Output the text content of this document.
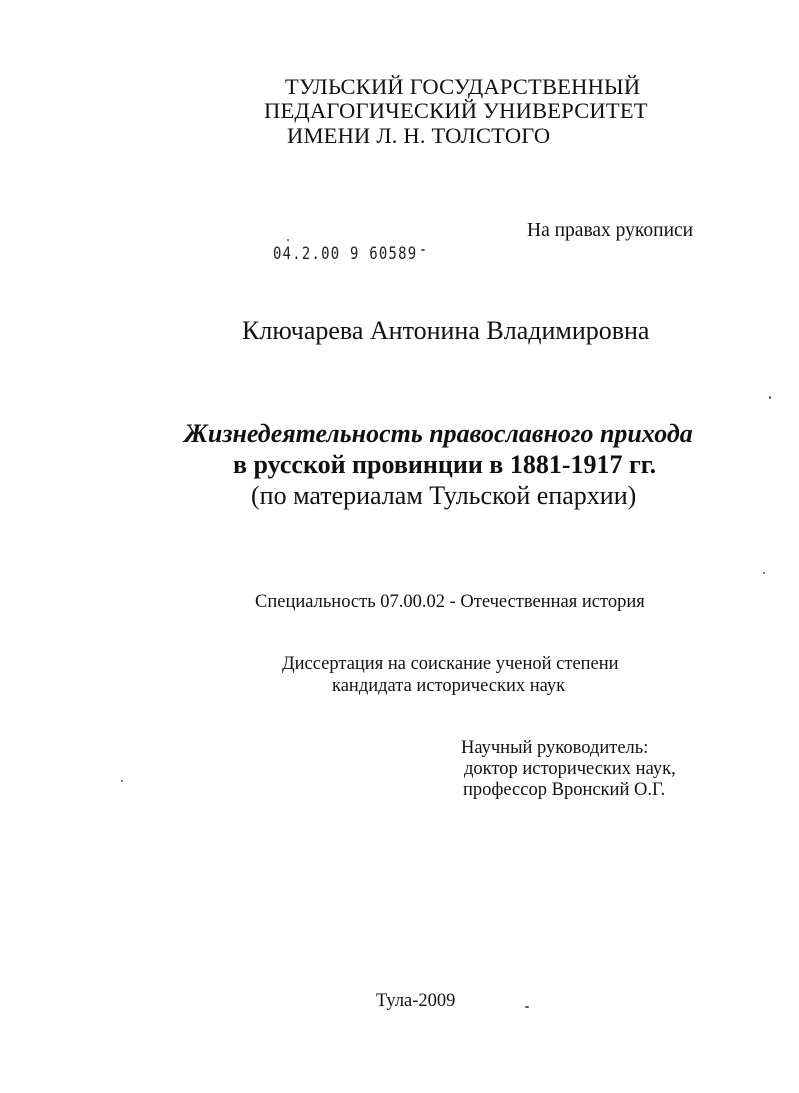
ТУЛЬСКИЙ ГОСУДАРСТВЕННЫЙ
ПЕДАГОГИЧЕСКИЙ УНИВЕРСИТЕТ
ИМЕНИ Л. Н. ТОЛСТОГО
На правах рукописи
04.2.00 9 60589
Ключарева Антонина Владимировна
Жизнедеятельность православного прихода
в русской провинции в 1881-1917 гг.
(по материалам Тульской епархии)
Специальность 07.00.02 - Отечественная история
Диссертация на соискание ученой степени
кандидата исторических наук
Научный руководитель:
доктор исторических наук,
профессор Вронский О.Г.
Тула-2009
